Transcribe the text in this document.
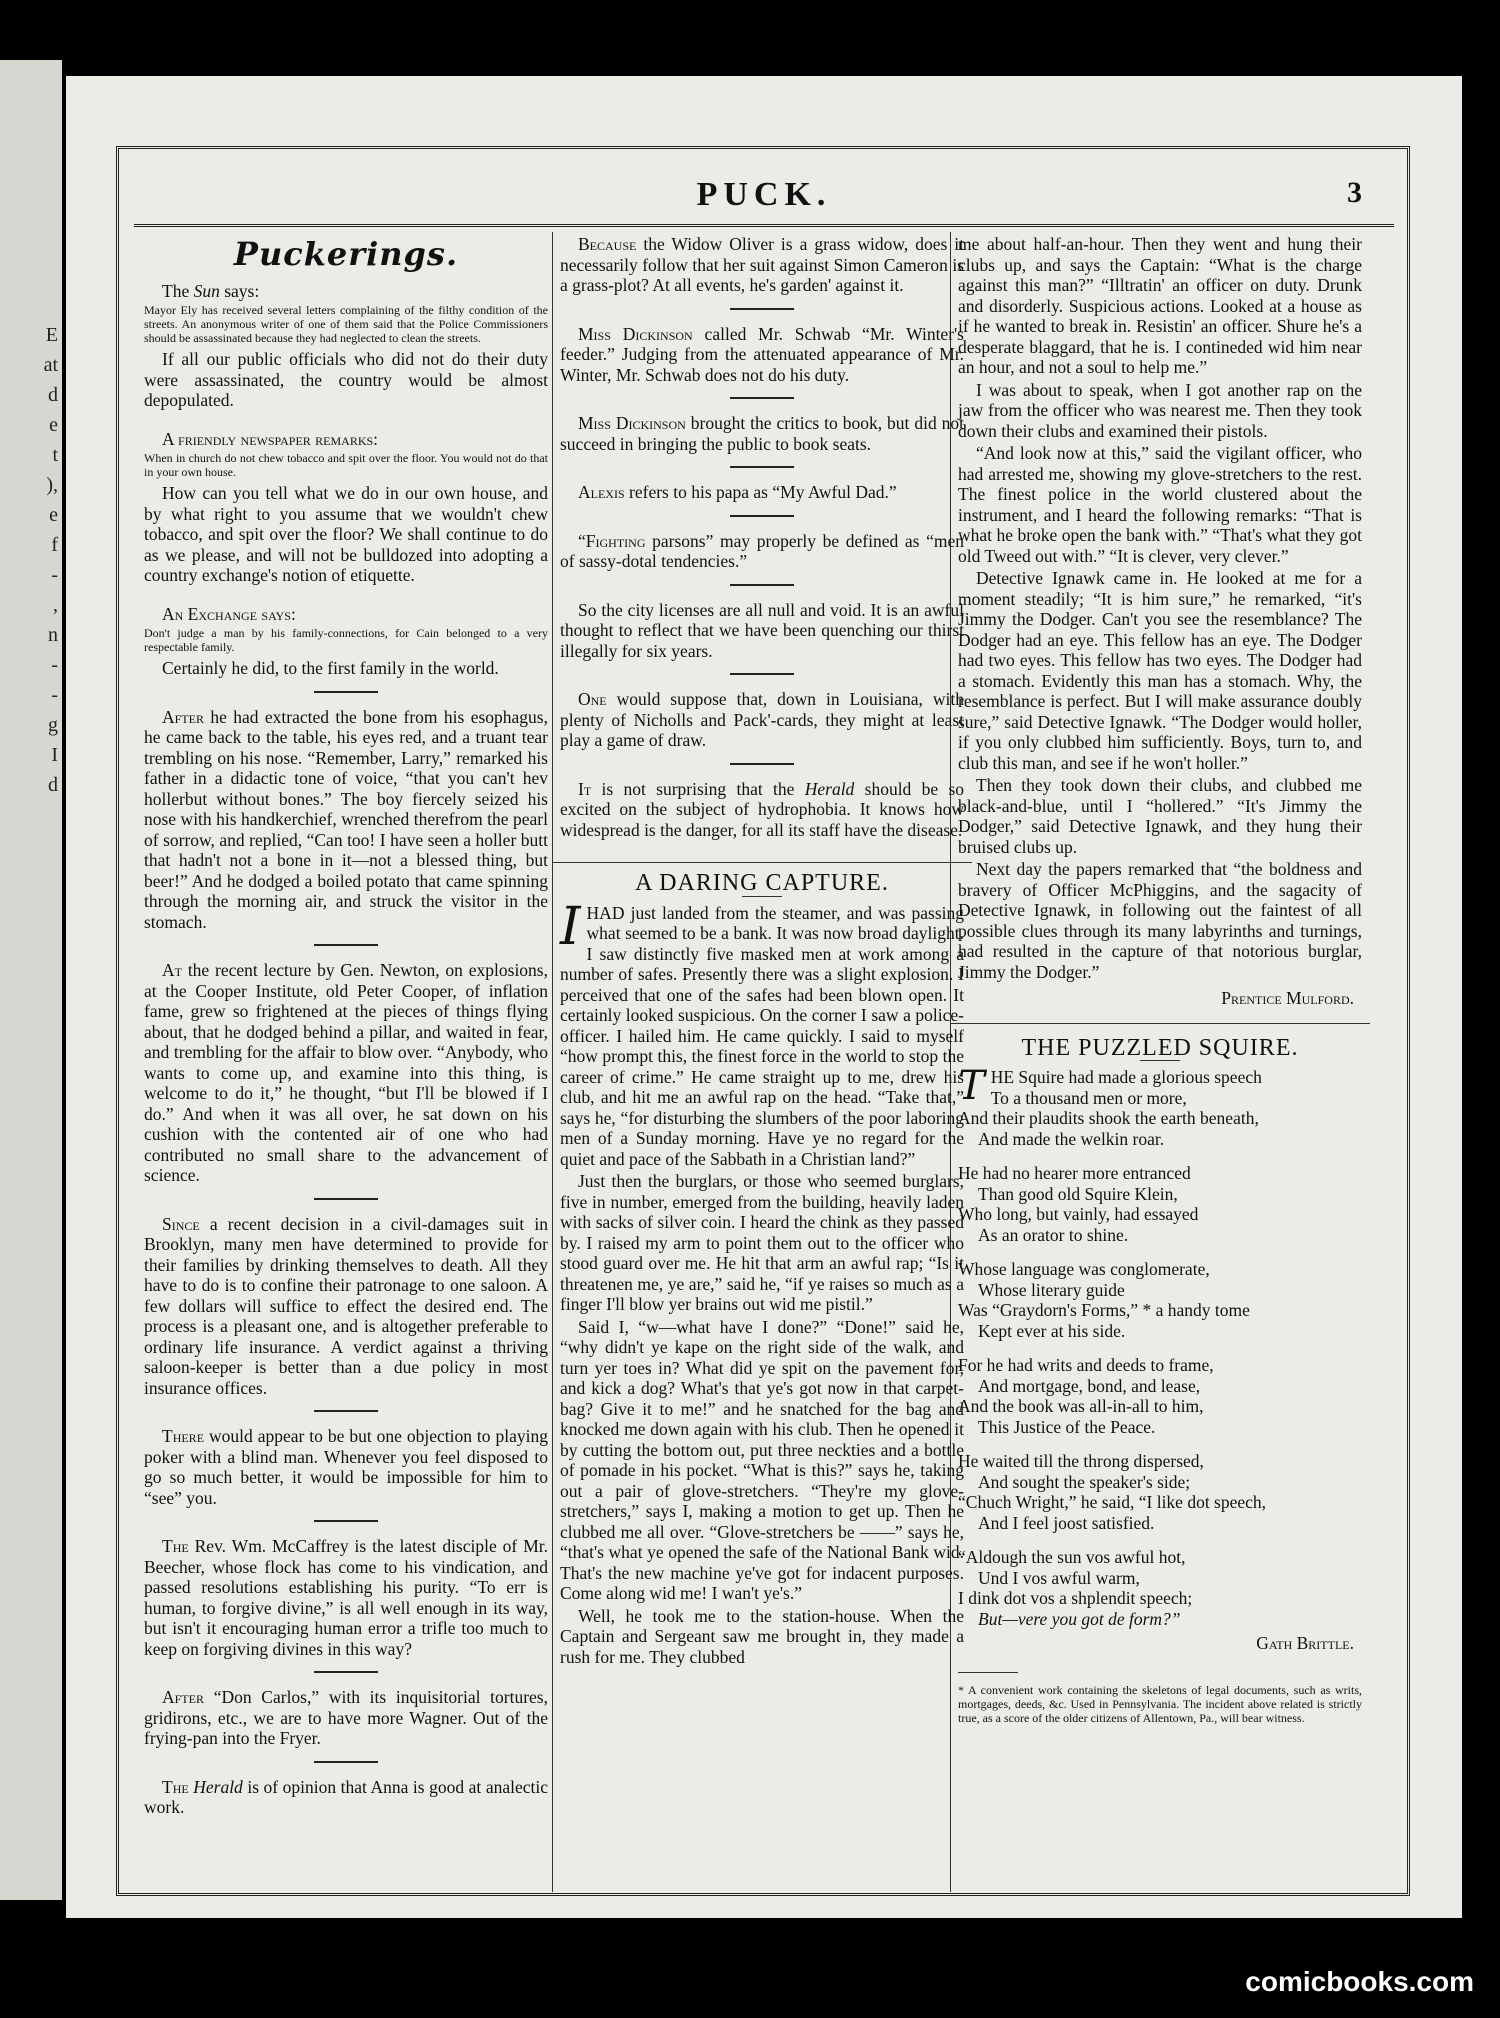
E
at
d
e
t
),
e
f
-
,
n
-
-
g
I
d
PUCK.	3
Puckerings.

The Sun says:

Mayor Ely has received several letters complaining of the filthy condition of the streets. An anonymous writer of one of them said that the Police Commissioners should be assassinated because they had neglected to clean the streets.

If all our public officials who did not do their duty were assassinated, the country would be almost depopulated.

A friendly newspaper remarks:

When in church do not chew tobacco and spit over the floor. You would not do that in your own house.

How can you tell what we do in our own house, and by what right to you assume that we wouldn't chew tobacco, and spit over the floor? We shall continue to do as we please, and will not be bulldozed into adopting a country exchange's notion of etiquette.

An Exchange says:

Don't judge a man by his family-connections, for Cain belonged to a very respectable family.

Certainly he did, to the first family in the world.

After he had extracted the bone from his esophagus, he came back to the table, his eyes red, and a truant tear trembling on his nose. “Remember, Larry,” remarked his father in a didactic tone of voice, “that you can't hev hollerbut without bones.” The boy fiercely seized his nose with his handkerchief, wrenched therefrom the pearl of sorrow, and replied, “Can too! I have seen a holler butt that hadn't not a bone in it—not a blessed thing, but beer!” And he dodged a boiled potato that came spinning through the morning air, and struck the visitor in the stomach.

At the recent lecture by Gen. Newton, on explosions, at the Cooper Institute, old Peter Cooper, of inflation fame, grew so frightened at the pieces of things flying about, that he dodged behind a pillar, and waited in fear, and trembling for the affair to blow over. “Anybody, who wants to come up, and examine into this thing, is welcome to do it,” he thought, “but I'll be blowed if I do.” And when it was all over, he sat down on his cushion with the contented air of one who had contributed no small share to the advancement of science.

Since a recent decision in a civil-damages suit in Brooklyn, many men have determined to provide for their families by drinking themselves to death. All they have to do is to confine their patronage to one saloon. A few dollars will suffice to effect the desired end. The process is a pleasant one, and is altogether preferable to ordinary life insurance. A verdict against a thriving saloon-keeper is better than a due policy in most insurance offices.

There would appear to be but one objection to playing poker with a blind man. Whenever you feel disposed to go so much better, it would be impossible for him to “see” you.

The Rev. Wm. McCaffrey is the latest disciple of Mr. Beecher, whose flock has come to his vindication, and passed resolutions establishing his purity. “To err is human, to forgive divine,” is all well enough in its way, but isn't it encouraging human error a trifle too much to keep on forgiving divines in this way?

After “Don Carlos,” with its inquisitorial tortures, gridirons, etc., we are to have more Wagner. Out of the frying-pan into the Fryer.

The Herald is of opinion that Anna is good at analectic work.

Because the Widow Oliver is a grass widow, does it necessarily follow that her suit against Simon Cameron is a grass-plot? At all events, he's garden' against it.

Miss Dickinson called Mr. Schwab “Mr. Winter's feeder.” Judging from the attenuated appearance of Mr. Winter, Mr. Schwab does not do his duty.

Miss Dickinson brought the critics to book, but did not succeed in bringing the public to book seats.

Alexis refers to his papa as “My Awful Dad.”

“Fighting parsons” may properly be defined as “men of sassy-dotal tendencies.”

So the city licenses are all null and void. It is an awful thought to reflect that we have been quenching our thirst illegally for six years.

One would suppose that, down in Louisiana, with plenty of Nicholls and Pack'-cards, they might at least play a game of draw.

It is not surprising that the Herald should be so excited on the subject of hydrophobia. It knows how widespread is the danger, for all its staff have the disease.

A DARING CAPTURE.

IHAD just landed from the steamer, and was passing what seemed to be a bank. It was now broad daylight. I saw distinctly five masked men at work among a number of safes. Presently there was a slight explosion. I perceived that one of the safes had been blown open. It certainly looked suspicious. On the corner I saw a police-officer. I hailed him. He came quickly. I said to myself “how prompt this, the finest force in the world to stop the career of crime.” He came straight up to me, drew his club, and hit me an awful rap on the head. “Take that,” says he, “for disturbing the slumbers of the poor laboring men of a Sunday morning. Have ye no regard for the quiet and pace of the Sabbath in a Christian land?”

Just then the burglars, or those who seemed burglars, five in number, emerged from the building, heavily laden with sacks of silver coin. I heard the chink as they passed by. I raised my arm to point them out to the officer who stood guard over me. He hit that arm an awful rap; “Is it threatenen me, ye are,” said he, “if ye raises so much as a finger I'll blow yer brains out wid me pistil.”

Said I, “w—what have I done?” “Done!” said he, “why didn't ye kape on the right side of the walk, and turn yer toes in? What did ye spit on the pavement for, and kick a dog? What's that ye's got now in that carpet-bag? Give it to me!” and he snatched for the bag and knocked me down again with his club. Then he opened it by cutting the bottom out, put three neckties and a bottle of pomade in his pocket. “What is this?” says he, taking out a pair of glove-stretchers. “They're my glove-stretchers,” says I, making a motion to get up. Then he clubbed me all over. “Glove-stretchers be ——” says he, “that's what ye opened the safe of the National Bank wid. That's the new machine ye've got for indacent purposes. Come along wid me! I wan't ye's.”

Well, he took me to the station-house. When the Captain and Sergeant saw me brought in, they made a rush for me. They clubbed

me about half-an-hour. Then they went and hung their clubs up, and says the Captain: “What is the charge against this man?” “Illtratin' an officer on duty. Drunk and disorderly. Suspicious actions. Looked at a house as if he wanted to break in. Resistin' an officer. Shure he's a desperate blaggard, that he is. I contineded wid him near an hour, and not a soul to help me.”

I was about to speak, when I got another rap on the jaw from the officer who was nearest me. Then they took down their clubs and examined their pistols.

“And look now at this,” said the vigilant officer, who had arrested me, showing my glove-stretchers to the rest. The finest police in the world clustered about the instrument, and I heard the following remarks: “That is what he broke open the bank with.” “That's what they got old Tweed out with.” “It is clever, very clever.”

Detective Ignawk came in. He looked at me for a moment steadily; “It is him sure,” he remarked, “it's Jimmy the Dodger. Can't you see the resemblance? The Dodger had an eye. This fellow has an eye. The Dodger had two eyes. This fellow has two eyes. The Dodger had a stomach. Evidently this man has a stomach. Why, the resemblance is perfect. But I will make assurance doubly sure,” said Detective Ignawk. “The Dodger would holler, if you only clubbed him sufficiently. Boys, turn to, and club this man, and see if he won't holler.”

Then they took down their clubs, and clubbed me black-and-blue, until I “hollered.” “It's Jimmy the Dodger,” said Detective Ignawk, and they hung their bruised clubs up.

Next day the papers remarked that “the boldness and bravery of Officer McPhiggins, and the sagacity of Detective Ignawk, in following out the faintest of all possible clues through its many labyrinths and turnings, had resulted in the capture of that notorious burglar, Jimmy the Dodger.”

Prentice Mulford.
THE PUZZLED SQUIRE.
THE Squire had made a glorious speech
To a thousand men or more,
And their plaudits shook the earth beneath,
And made the welkin roar.
He had no hearer more entranced
Than good old Squire Klein,
Who long, but vainly, had essayed
As an orator to shine.
Whose language was conglomerate,
Whose literary guide
Was “Graydorn's Forms,” * a handy tome
Kept ever at his side.
For he had writs and deeds to frame,
And mortgage, bond, and lease,
And the book was all-in-all to him,
This Justice of the Peace.
He waited till the throng dispersed,
And sought the speaker's side;
“Chuch Wright,” he said, “I like dot speech,
And I feel joost satisfied.
“Aldough the sun vos awful hot,
Und I vos awful warm,
I dink dot vos a shplendit speech;
But—vere you got de form?”
Gath Brittle.
* A convenient work containing the skeletons of legal documents, such as writs, mortgages, deeds, &c. Used in Pennsylvania. The incident above related is strictly true, as a score of the older citizens of Allentown, Pa., will bear witness.
comicbooks.com
